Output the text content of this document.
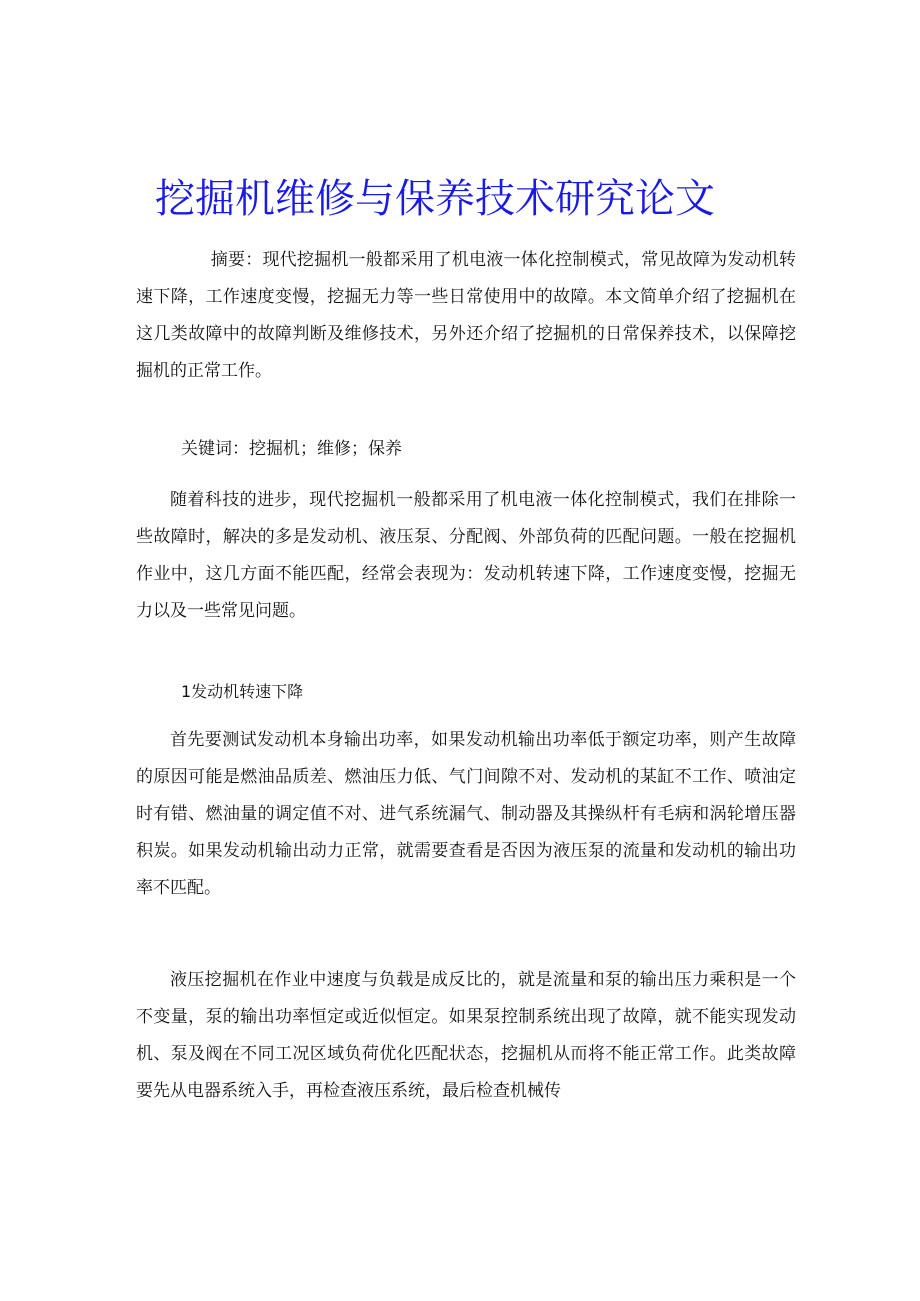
挖掘机维修与保养技术研究论文

摘要：现代挖掘机一般都采用了机电液一体化控制模式，常见故障为发动机转速下降，工作速度变慢，挖掘无力等一些日常使用中的故障。本文简单介绍了挖掘机在这几类故障中的故障判断及维修技术，另外还介绍了挖掘机的日常保养技术，以保障挖掘机的正常工作。

关键词：挖掘机；维修；保养

随着科技的进步，现代挖掘机一般都采用了机电液一体化控制模式，我们在排除一些故障时，解决的多是发动机、液压泵、分配阀、外部负荷的匹配问题。一般在挖掘机作业中，这几方面不能匹配，经常会表现为：发动机转速下降，工作速度变慢，挖掘无力以及一些常见问题。

1发动机转速下降

首先要测试发动机本身输出功率，如果发动机输出功率低于额定功率，则产生故障的原因可能是燃油品质差、燃油压力低、气门间隙不对、发动机的某缸不工作、喷油定时有错、燃油量的调定值不对、进气系统漏气、制动器及其操纵杆有毛病和涡轮增压器积炭。如果发动机输出动力正常，就需要查看是否因为液压泵的流量和发动机的输出功率不匹配。

液压挖掘机在作业中速度与负载是成反比的，就是流量和泵的输出压力乘积是一个不变量，泵的输出功率恒定或近似恒定。如果泵控制系统出现了故障，就不能实现发动机、泵及阀在不同工况区域负荷优化匹配状态，挖掘机从而将不能正常工作。此类故障要先从电器系统入手，再检查液压系统，最后检查机械传
